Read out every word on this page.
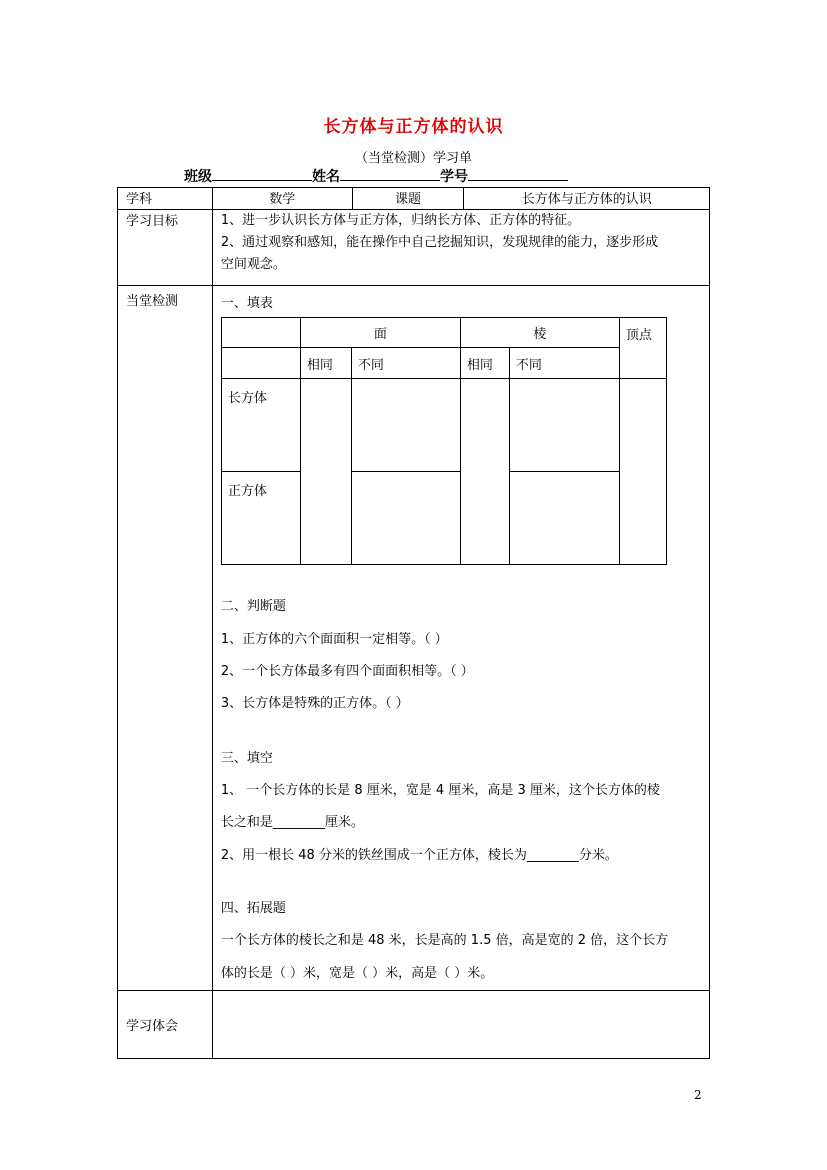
长方体与正方体的认识
（当堂检测）学习单
班级	姓名	学号
学科	数学	课题	长方体与正方体的认识
学习目标	1、进一步认识长方体与正方体，归纳长方体、正方体的特征。

2、通过观察和感知，能在操作中自己挖掘知识，发现规律的能力，逐步形成

空间观念。

当堂检测	一、填表
	面	棱	顶点
	相同	不同	相同	不同
长方体					
正方体		
二、判断题
1、正方体的六个面面积一定相等。（ ）
2、一个长方体最多有四个面面积相等。（ ）
3、长方体是特殊的正方体。（ ）
三、填空
1、 一个长方体的长是 8 厘米，宽是 4 厘米，高是 3 厘米，这个长方体的棱
长之和是________厘米。
2、用一根长 48 分米的铁丝围成一个正方体，棱长为________分米。
四、拓展题
一个长方体的棱长之和是 48 米，长是高的 1.5 倍，高是宽的 2 倍，这个长方
体的长是（ ）米，宽是（ ）米，高是（ ）米。

学习体会	
2
